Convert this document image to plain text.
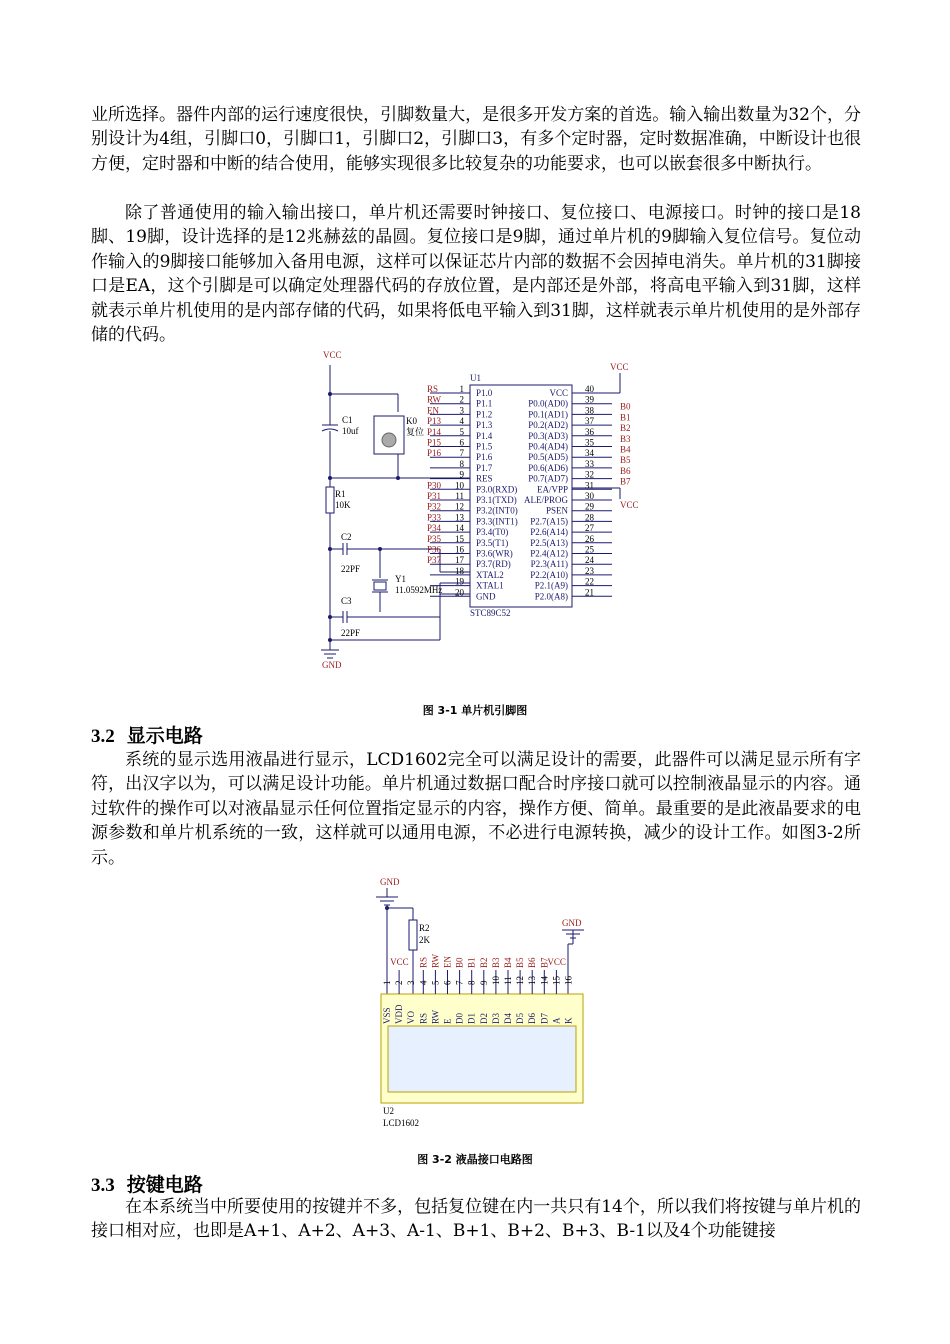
业所选择。器件内部的运行速度很快，引脚数量大，是很多开发方案的首选。输入输出数量为32个，分别设计为4组，引脚口0，引脚口1，引脚口2，引脚口3，有多个定时器，定时数据准确，中断设计也很方便，定时器和中断的结合使用，能够实现很多比较复杂的功能要求，也可以嵌套很多中断执行。

除了普通使用的输入输出接口，单片机还需要时钟接口、复位接口、电源接口。时钟的接口是18脚、19脚，设计选择的是12兆赫兹的晶圆。复位接口是9脚，通过单片机的9脚输入复位信号。复位动作输入的9脚接口能够加入备用电源，这样可以保证芯片内部的数据不会因掉电消失。单片机的31脚接口是EA，这个引脚是可以确定处理器代码的存放位置，是内部还是外部，将高电平输入到31脚，这样就表示单片机使用的是内部存储的代码，如果将低电平输入到31脚，这样就表示单片机使用的是外部存储的代码。

1 P1.0
RS
2 P1.1
RW
3 P1.2
EN
4 P1.3
P13
5 P1.4
P14
6 P1.5
P15
7 P1.6
P16
8 P1.7
9 RES
10 P3.0(RXD)
P30
11 P3.1(TXD)
P31
12 P3.2(INT0)
P32
13 P3.3(INT1)
P33
14 P3.4(T0)
P34
15 P3.5(T1)
P35
16 P3.6(WR)
P36
17 P3.7(RD)
P37
18 XTAL2
19 XTAL1
20 GND
40
VCC
39
P0.0(AD0)	B0
38
P0.1(AD1)	B1
37
P0.2(AD2)	B2
36
P0.3(AD3)	B3
35
P0.4(AD4)	B4
34
P0.5(AD5)	B5
33
P0.6(AD6)	B6
32
P0.7(AD7)	B7
31
EA/VPP
30
ALE/PROG
29
PSEN
28
P2.7(A15)
27
P2.6(A14)
26
P2.5(A13)
25
P2.4(A12)
24
P2.3(A11)
23
P2.2(A10)
22
P2.1(A9)
21
P2.0(A8)
VCC
VCC
VCC
GND
U1
STC89C52
C1
10uf
K0
复位
R1
10K
C2
22PF
C3
22PF
Y1
11.0592MHz

图 3-1 单片机引脚图

3.2 显示电路

系统的显示选用液晶进行显示，LCD1602完全可以满足设计的需要，此器件可以满足显示所有字符，出汉字以为，可以满足设计功能。单片机通过数据口配合时序接口就可以控制液晶显示的内容。通过软件的操作可以对液晶显示任何位置指定显示的内容，操作方便、简单。最重要的是此液晶要求的电源参数和单片机系统的一致，这样就可以通用电源，不必进行电源转换，减少的设计工作。如图3-2所示。

1
VSS
2
VDD
VCC
3
VO
4
RS
RS
5
RW
RW
6
E
EN
7
D0
B0
8
D1
B1
9
D2
B2
10
D3
B3
11
D4
B4
12
D5
B5
13
D6
B6
14
D7
B7
15
A
VCC
16
K
GND
GND
R2
2K
U2
LCD1602

图 3-2 液晶接口电路图

3.3 按键电路

在本系统当中所要使用的按键并不多，包括复位键在内一共只有14个，所以我们将按键与单片机的接口相对应，也即是A+1、A+2、A+3、A-1、B+1、B+2、B+3、B-1以及4个功能键接
